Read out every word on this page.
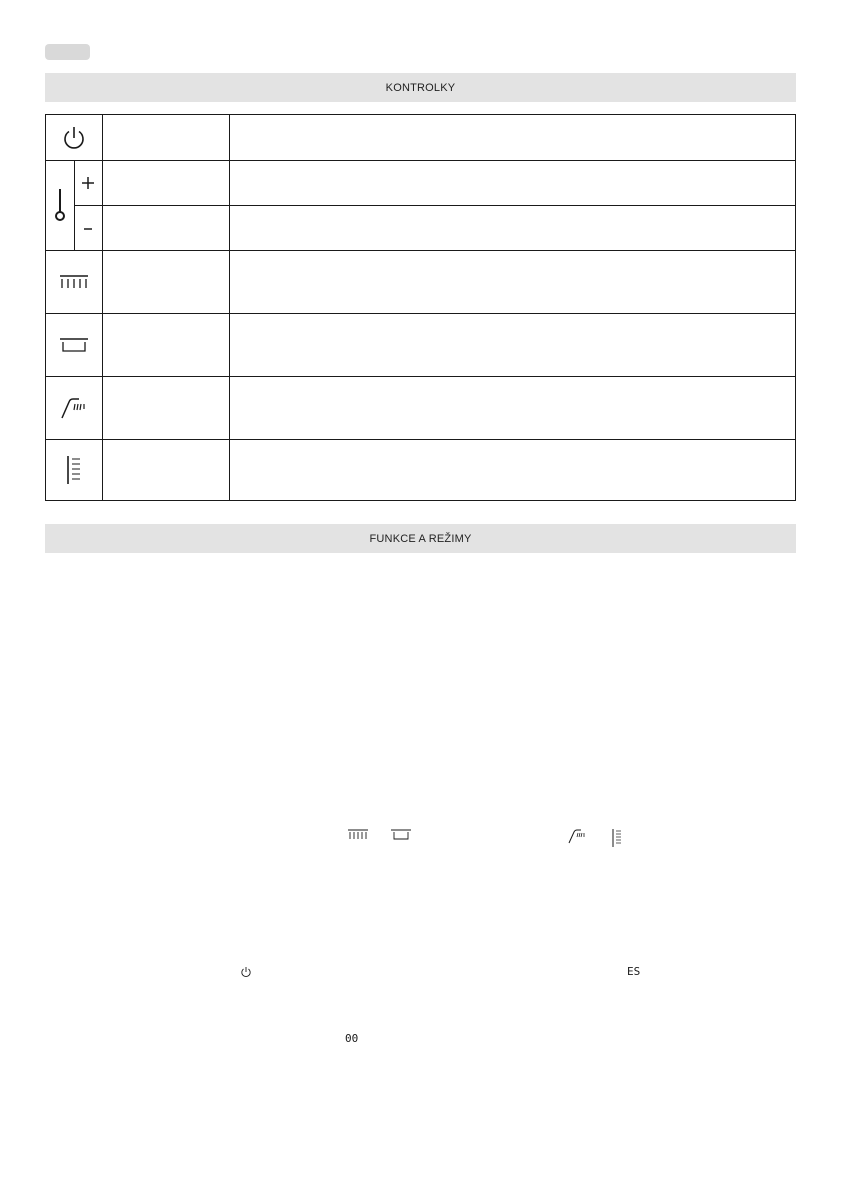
KONTROLKY
FUNKCE A REŽIMY
ES
00
